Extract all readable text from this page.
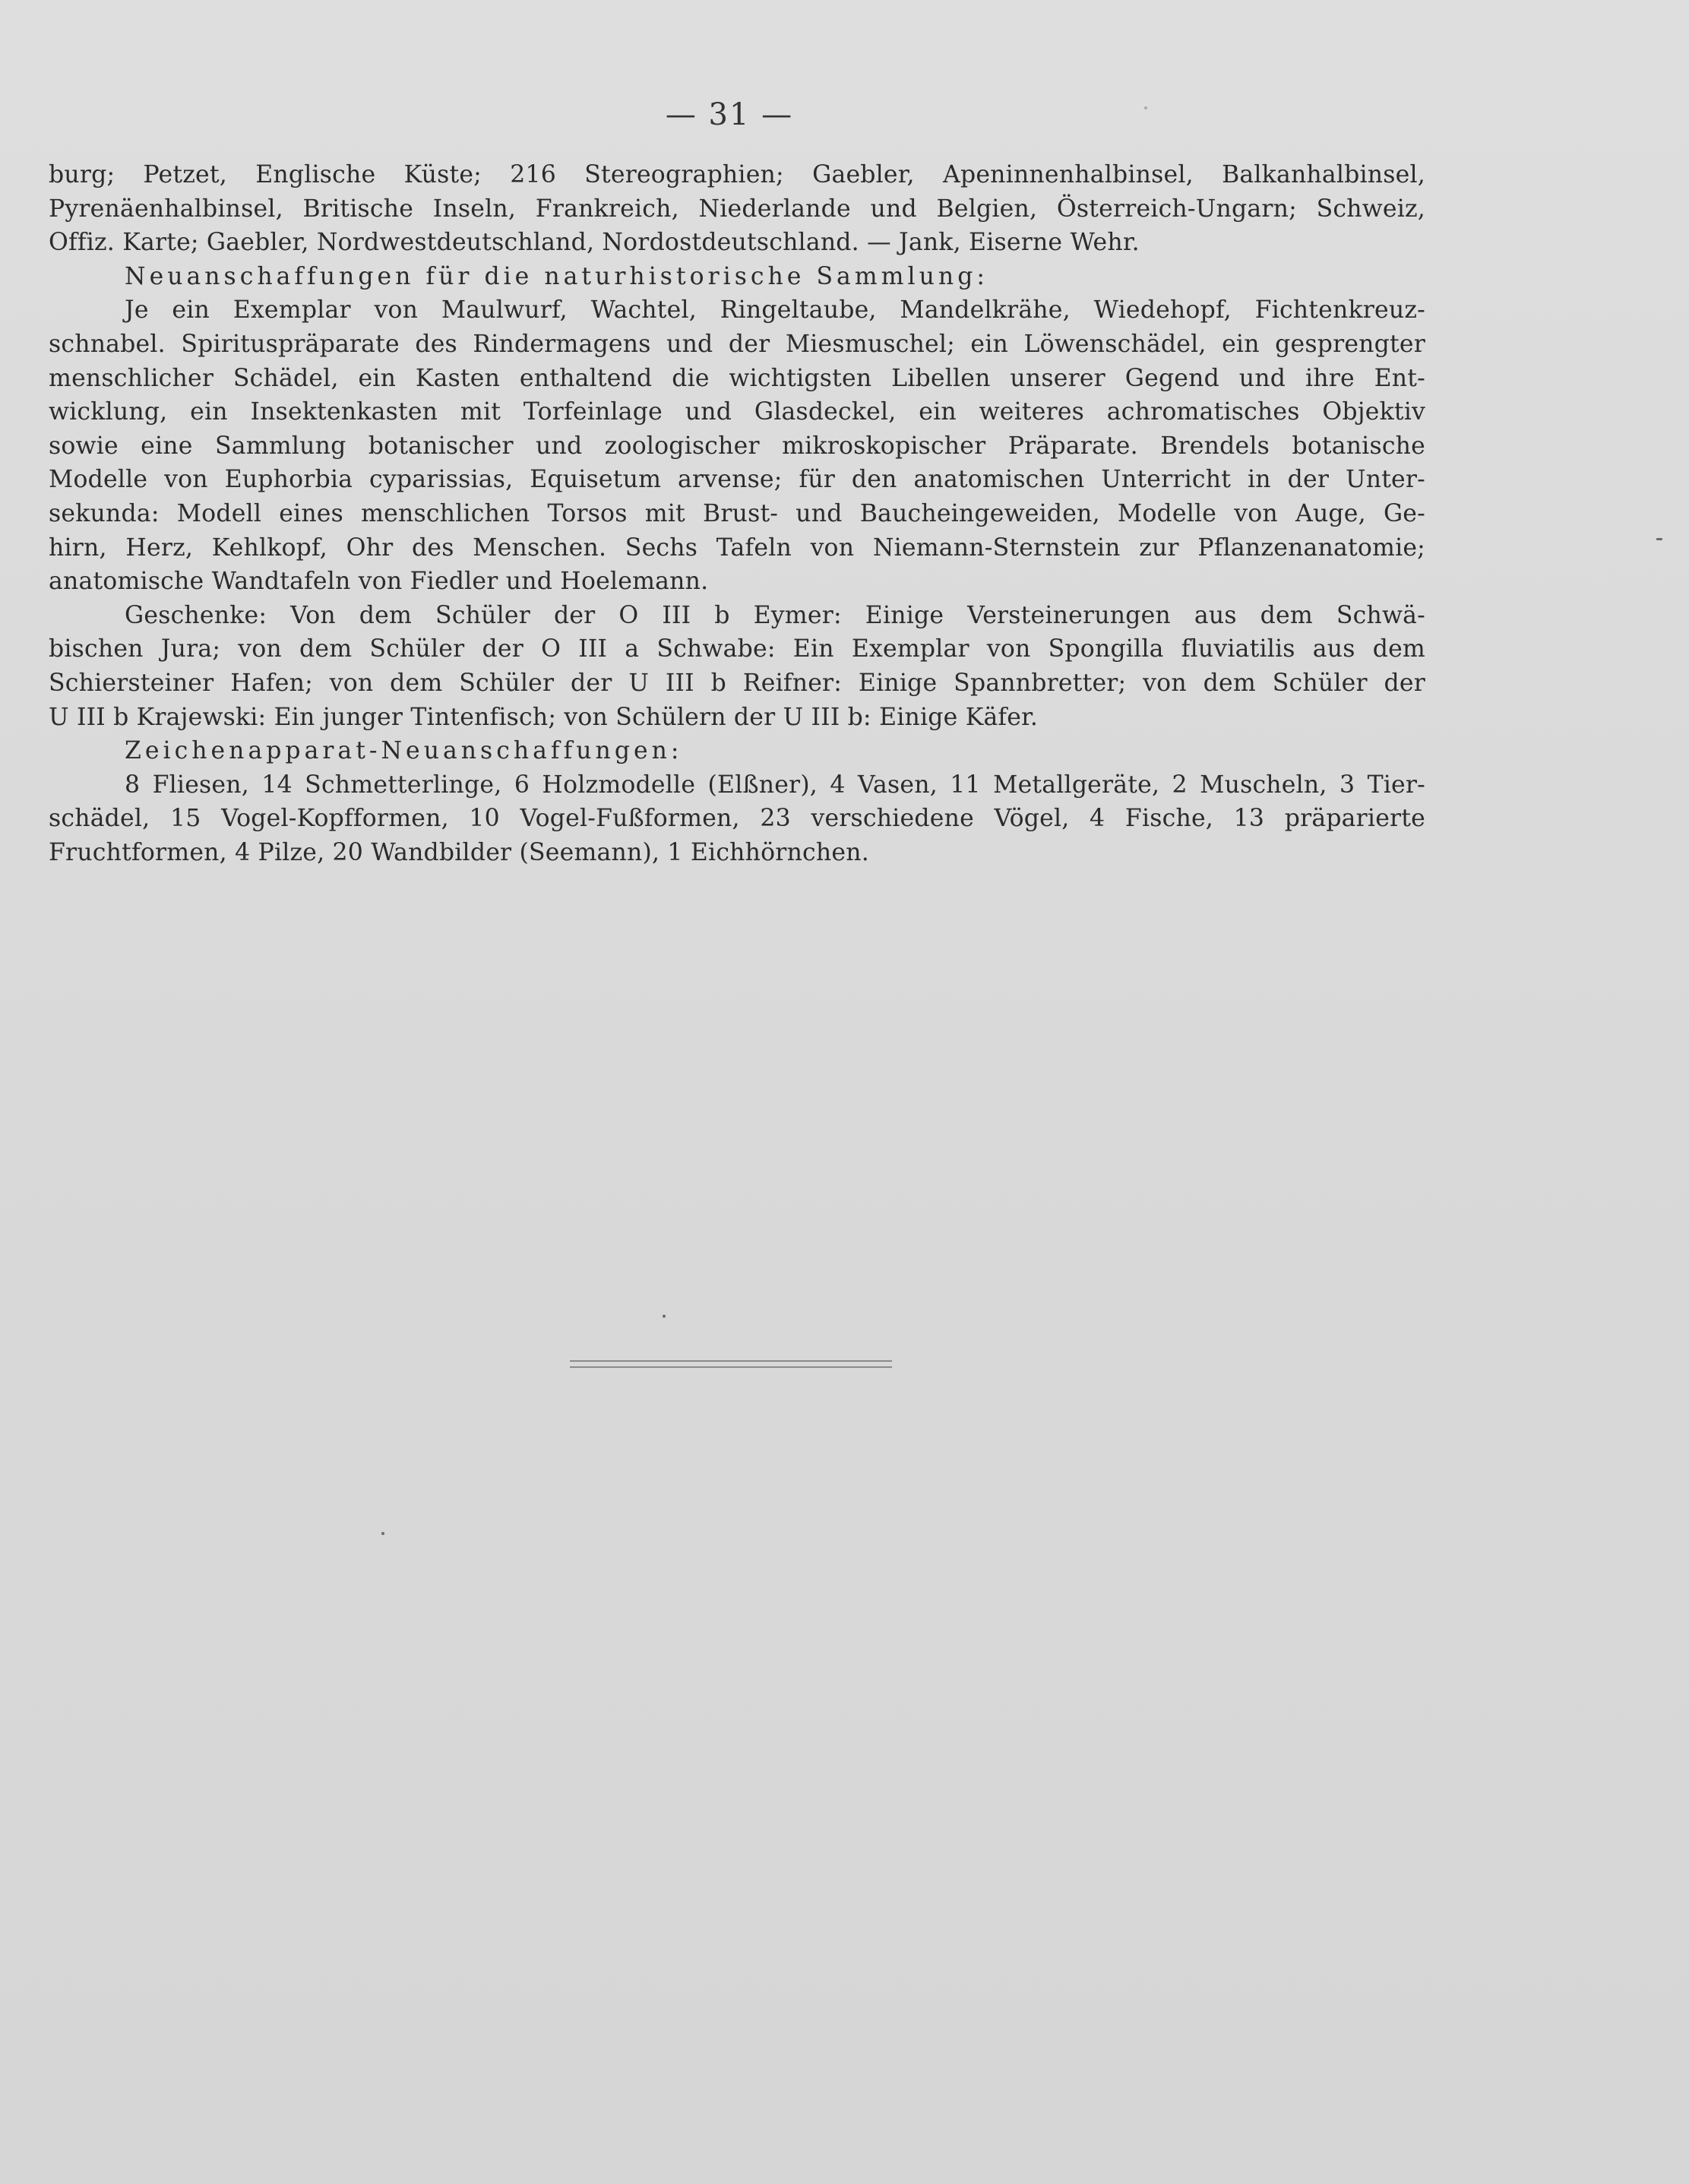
— 31 —
burg; Petzet, Englische Küste; 216 Stereographien; Gaebler, Apeninnenhalbinsel, Balkanhalbinsel,
Pyrenäenhalbinsel, Britische Inseln, Frankreich, Niederlande und Belgien, Österreich-Ungarn; Schweiz,
Offiz. Karte; Gaebler, Nordwestdeutschland, Nordostdeutschland. — Jank, Eiserne Wehr.
Neuanschaffungen für die naturhistorische Sammlung:
Je ein Exemplar von Maulwurf, Wachtel, Ringeltaube, Mandelkrähe, Wiedehopf, Fichtenkreuz-
schnabel. Spirituspräparate des Rindermagens und der Miesmuschel; ein Löwenschädel, ein gesprengter
menschlicher Schädel, ein Kasten enthaltend die wichtigsten Libellen unserer Gegend und ihre Ent-
wicklung, ein Insektenkasten mit Torfeinlage und Glasdeckel, ein weiteres achromatisches Objektiv
sowie eine Sammlung botanischer und zoologischer mikroskopischer Präparate. Brendels botanische
Modelle von Euphorbia cyparissias, Equisetum arvense; für den anatomischen Unterricht in der Unter-
sekunda: Modell eines menschlichen Torsos mit Brust- und Baucheingeweiden, Modelle von Auge, Ge-
hirn, Herz, Kehlkopf, Ohr des Menschen. Sechs Tafeln von Niemann-Sternstein zur Pflanzenanatomie;
anatomische Wandtafeln von Fiedler und Hoelemann.
Geschenke: Von dem Schüler der O III b Eymer: Einige Versteinerungen aus dem Schwä-
bischen Jura; von dem Schüler der O III a Schwabe: Ein Exemplar von Spongilla fluviatilis aus dem
Schiersteiner Hafen; von dem Schüler der U III b Reifner: Einige Spannbretter; von dem Schüler der
U III b Krajewski: Ein junger Tintenfisch; von Schülern der U III b: Einige Käfer.
Zeichenapparat-Neuanschaffungen:
8 Fliesen, 14 Schmetterlinge, 6 Holzmodelle (Elßner), 4 Vasen, 11 Metallgeräte, 2 Muscheln, 3 Tier-
schädel, 15 Vogel-Kopfformen, 10 Vogel-Fußformen, 23 verschiedene Vögel, 4 Fische, 13 präparierte
Fruchtformen, 4 Pilze, 20 Wandbilder (Seemann), 1 Eichhörnchen.
